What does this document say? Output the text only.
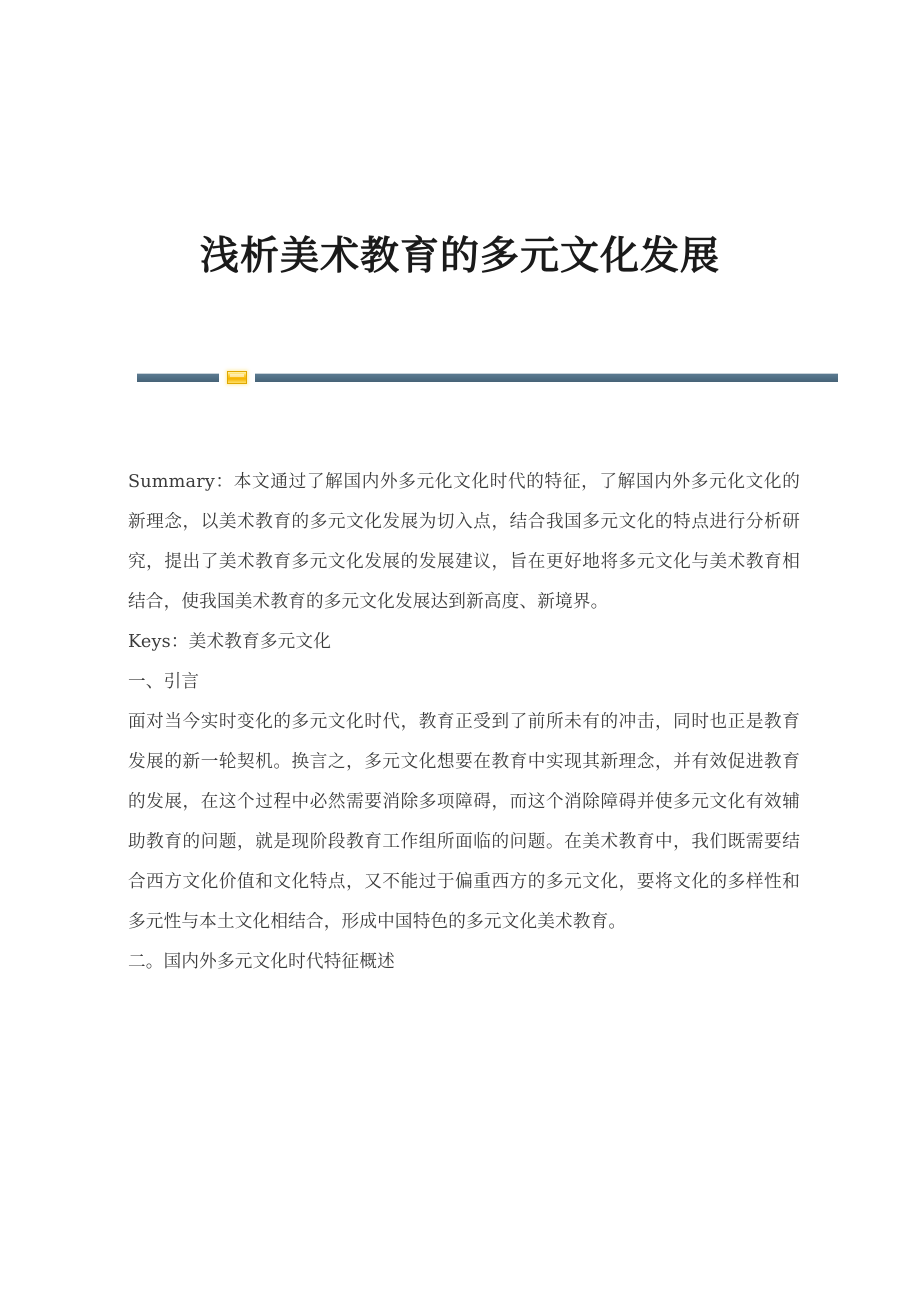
浅析美术教育的多元文化发展

Summary：本文通过了解国内外多元化文化时代的特征，了解国内外多元化文化的新理念，以美术教育的多元文化发展为切入点，结合我国多元文化的特点进行分析研究，提出了美术教育多元文化发展的发展建议，旨在更好地将多元文化与美术教育相结合，使我国美术教育的多元文化发展达到新高度、新境界。

Keys：美术教育多元文化

一、引言

面对当今实时变化的多元文化时代，教育正受到了前所未有的冲击，同时也正是教育发展的新一轮契机。换言之，多元文化想要在教育中实现其新理念，并有效促进教育的发展，在这个过程中必然需要消除多项障碍，而这个消除障碍并使多元文化有效辅助教育的问题，就是现阶段教育工作组所面临的问题。在美术教育中，我们既需要结合西方文化价值和文化特点，又不能过于偏重西方的多元文化，要将文化的多样性和多元性与本土文化相结合，形成中国特色的多元文化美术教育。

二。国内外多元文化时代特征概述
